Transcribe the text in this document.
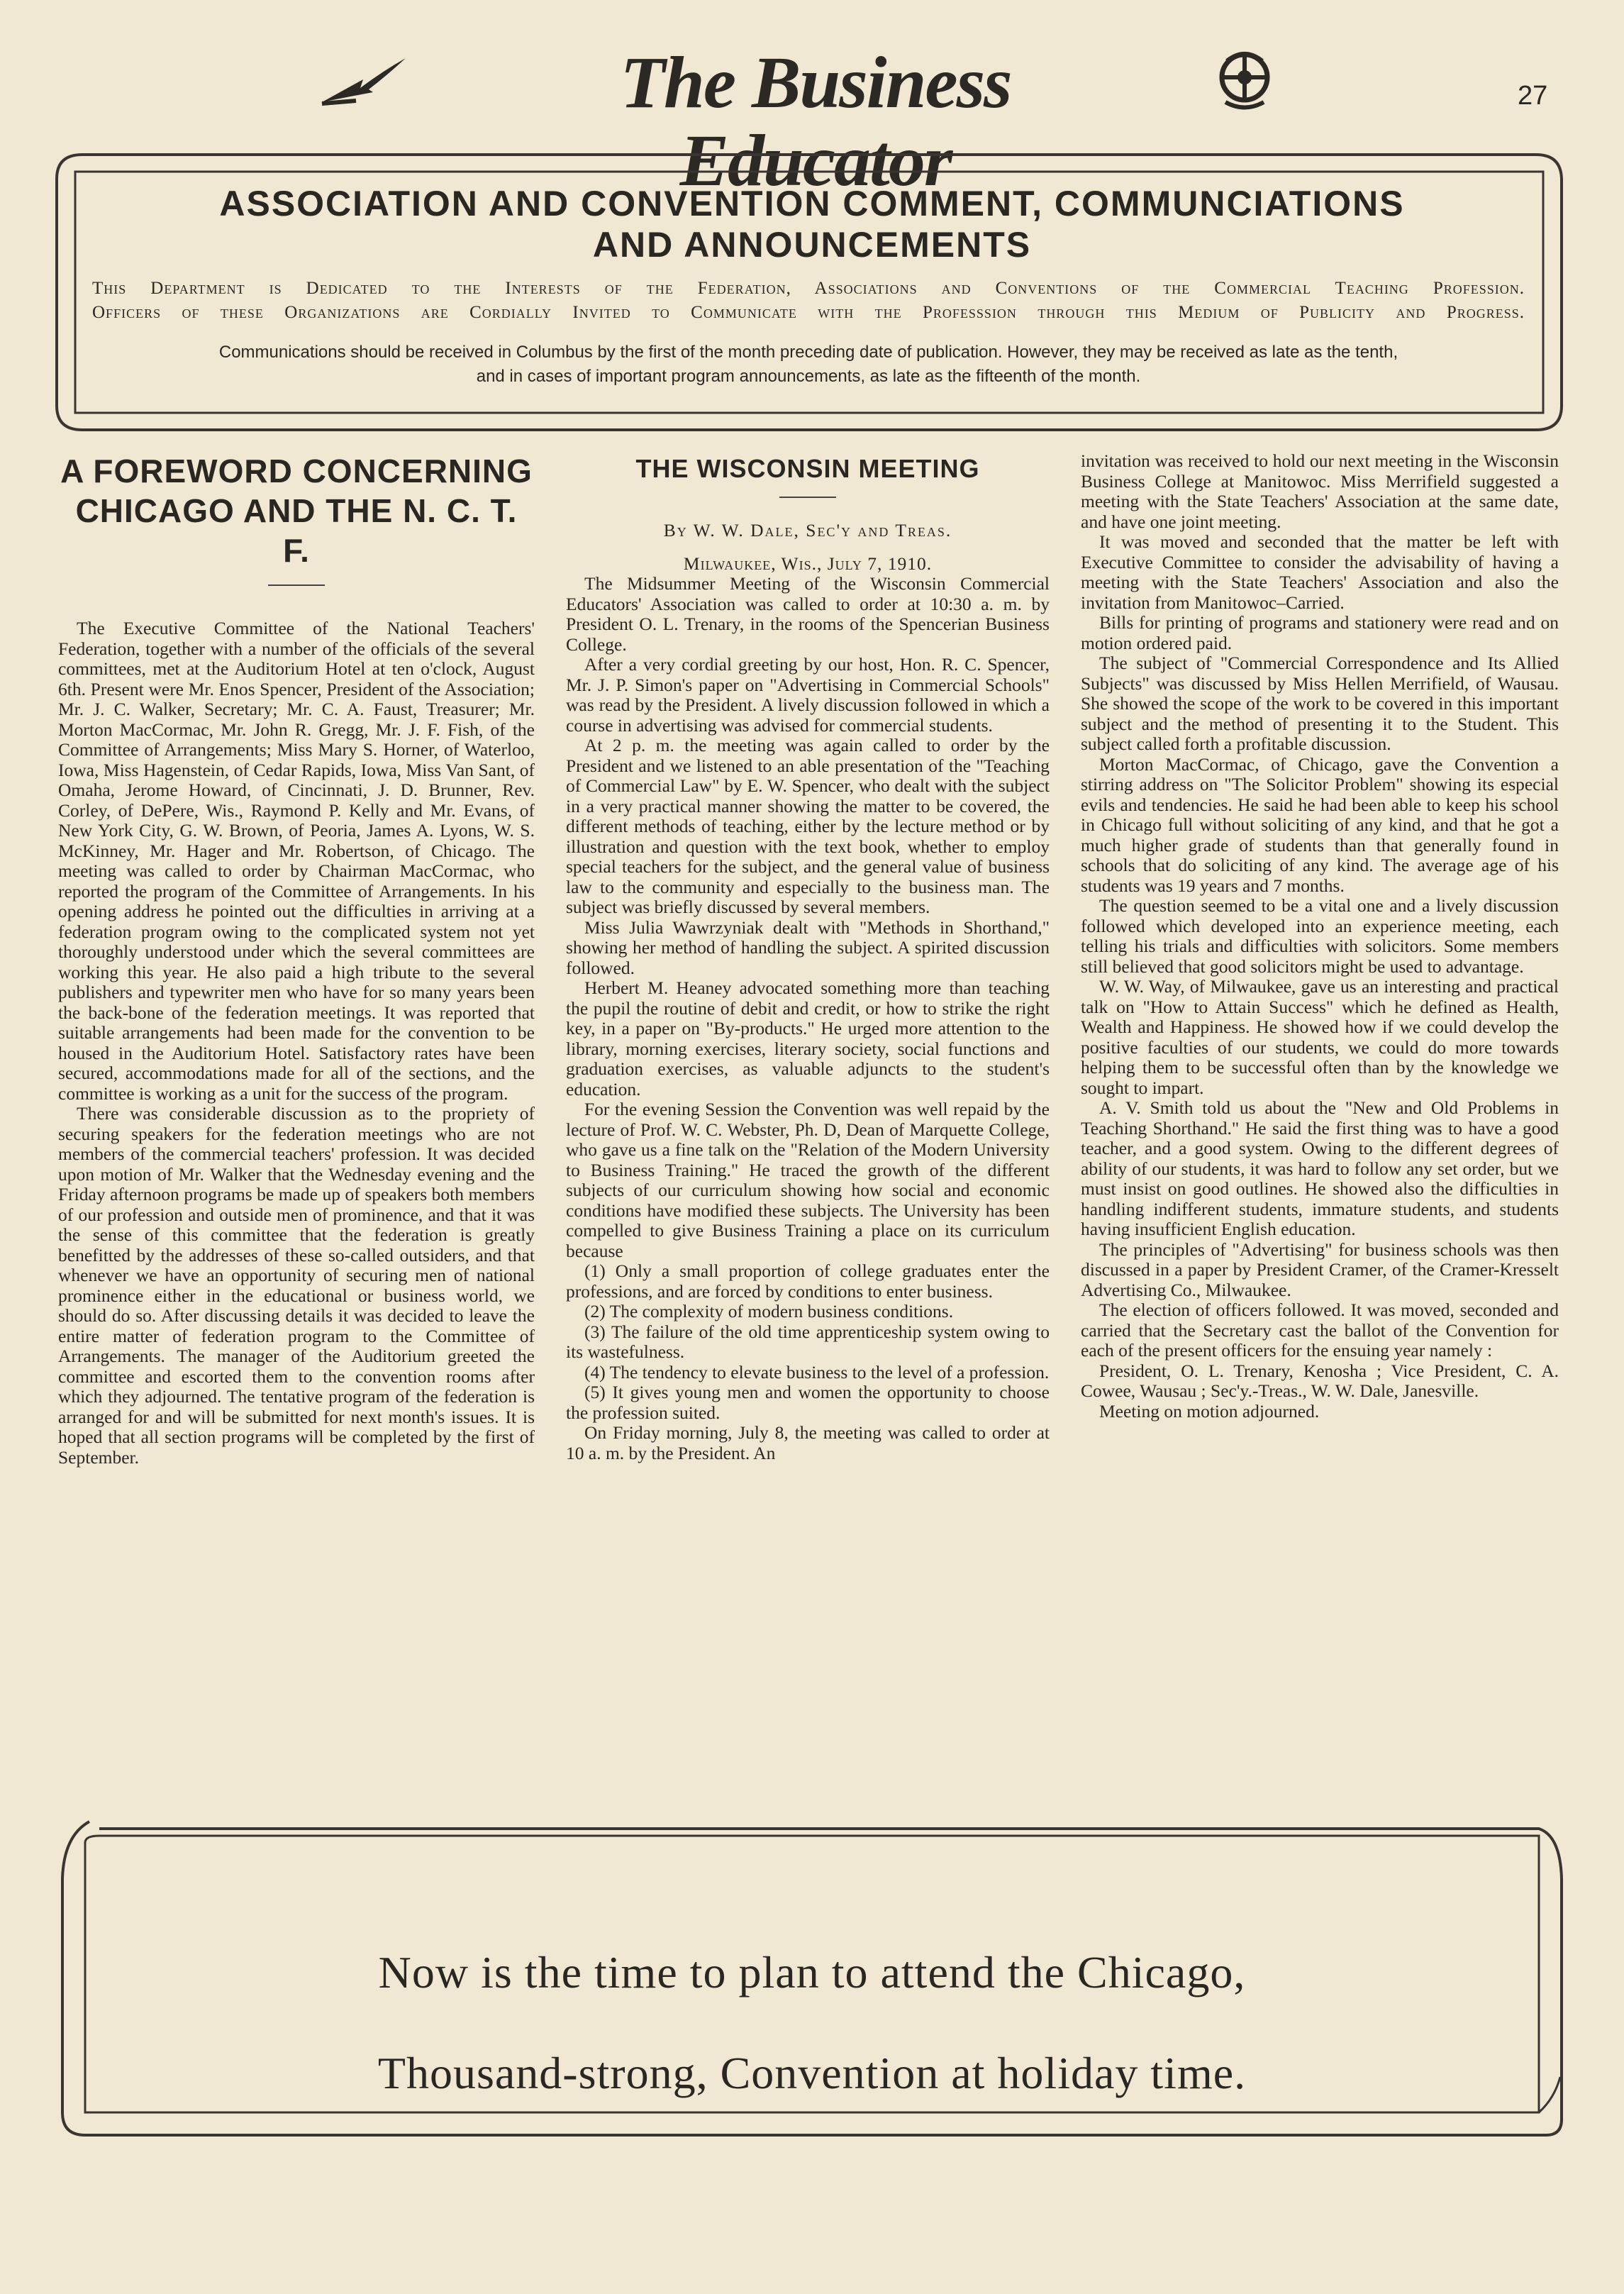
The Business Educator
27
ASSOCIATION AND CONVENTION COMMENT, COMMUNCIATIONS
AND ANNOUNCEMENTS
This Department is Dedicated to the Interests of the Federation, Associations and Conventions of the Commercial Teaching Profession.
Officers of these Organizations are Cordially Invited to Communicate with the Professsion through this Medium of Publicity and Progress.
Communications should be received in Columbus by the first of the month preceding date of publication. However, they may be received as late as the tenth,
and in cases of important program announcements, as late as the fifteenth of the month.
A FOREWORD CONCERNING CHICAGO AND THE N. C. T. F.

The Executive Committee of the National Teachers' Federation, together with a number of the officials of the several committees, met at the Auditorium Hotel at ten o'clock, August 6th. Present were Mr. Enos Spencer, President of the Association; Mr. J. C. Walker, Secretary; Mr. C. A. Faust, Treasurer; Mr. Morton MacCormac, Mr. John R. Gregg, Mr. J. F. Fish, of the Committee of Arrangements; Miss Mary S. Horner, of Waterloo, Iowa, Miss Hagenstein, of Cedar Rapids, Iowa, Miss Van Sant, of Omaha, Jerome Howard, of Cincinnati, J. D. Brunner, Rev. Corley, of DePere, Wis., Raymond P. Kelly and Mr. Evans, of New York City, G. W. Brown, of Peoria, James A. Lyons, W. S. McKinney, Mr. Hager and Mr. Robertson, of Chicago. The meeting was called to order by Chairman MacCormac, who reported the program of the Committee of Arrangements. In his opening address he pointed out the difficulties in arriving at a federation program owing to the complicated system not yet thoroughly understood under which the several committees are working this year. He also paid a high tribute to the several publishers and typewriter men who have for so many years been the back-bone of the federation meetings. It was reported that suitable arrangements had been made for the convention to be housed in the Auditorium Hotel. Satisfactory rates have been secured, accommodations made for all of the sections, and the committee is working as a unit for the success of the program.

There was considerable discussion as to the propriety of securing speakers for the federation meetings who are not members of the commercial teachers' profession. It was decided upon motion of Mr. Walker that the Wednesday evening and the Friday afternoon programs be made up of speakers both members of our profession and outside men of prominence, and that it was the sense of this committee that the federation is greatly benefitted by the addresses of these so-called outsiders, and that whenever we have an opportunity of securing men of national prominence either in the educational or business world, we should do so. After discussing details it was decided to leave the entire matter of federation program to the Committee of Arrangements. The manager of the Auditorium greeted the committee and escorted them to the convention rooms after which they adjourned. The tentative program of the federation is arranged for and will be submitted for next month's issues. It is hoped that all section programs will be completed by the first of September.

THE WISCONSIN MEETING

By W. W. Dale, Sec'y and Treas.

Milwaukee, Wis., July 7, 1910.

The Midsummer Meeting of the Wisconsin Commercial Educators' Association was called to order at 10:30 a. m. by President O. L. Trenary, in the rooms of the Spencerian Business College.

After a very cordial greeting by our host, Hon. R. C. Spencer, Mr. J. P. Simon's paper on "Advertising in Commercial Schools" was read by the President. A lively discussion followed in which a course in advertising was advised for commercial students.

At 2 p. m. the meeting was again called to order by the President and we listened to an able presentation of the "Teaching of Commercial Law" by E. W. Spencer, who dealt with the subject in a very practical manner showing the matter to be covered, the different methods of teaching, either by the lecture method or by illustration and question with the text book, whether to employ special teachers for the subject, and the general value of business law to the community and especially to the business man. The subject was briefly discussed by several members.

Miss Julia Wawrzyniak dealt with "Methods in Shorthand," showing her method of handling the subject. A spirited discussion followed.

Herbert M. Heaney advocated something more than teaching the pupil the routine of debit and credit, or how to strike the right key, in a paper on "By-products." He urged more attention to the library, morning exercises, literary society, social functions and graduation exercises, as valuable adjuncts to the student's education.

For the evening Session the Convention was well repaid by the lecture of Prof. W. C. Webster, Ph. D, Dean of Marquette College, who gave us a fine talk on the "Relation of the Modern University to Business Training." He traced the growth of the different subjects of our curriculum showing how social and economic conditions have modified these subjects. The University has been compelled to give Business Training a place on its curriculum because

(1) Only a small proportion of college graduates enter the professions, and are forced by conditions to enter business.

(2) The complexity of modern business conditions.

(3) The failure of the old time apprenticeship system owing to its wastefulness.

(4) The tendency to elevate business to the level of a profession.

(5) It gives young men and women the opportunity to choose the profession suited.

On Friday morning, July 8, the meeting was called to order at 10 a. m. by the President. An

invitation was received to hold our next meeting in the Wisconsin Business College at Manitowoc. Miss Merrifield suggested a meeting with the State Teachers' Association at the same date, and have one joint meeting.

It was moved and seconded that the matter be left with Executive Committee to consider the advisability of having a meeting with the State Teachers' Association and also the invitation from Manitowoc–Carried.

Bills for printing of programs and stationery were read and on motion ordered paid.

The subject of "Commercial Correspondence and Its Allied Subjects" was discussed by Miss Hellen Merrifield, of Wausau. She showed the scope of the work to be covered in this important subject and the method of presenting it to the Student. This subject called forth a profitable discussion.

Morton MacCormac, of Chicago, gave the Convention a stirring address on "The Solicitor Problem" showing its especial evils and tendencies. He said he had been able to keep his school in Chicago full without soliciting of any kind, and that he got a much higher grade of students than that generally found in schools that do soliciting of any kind. The average age of his students was 19 years and 7 months.

The question seemed to be a vital one and a lively discussion followed which developed into an experience meeting, each telling his trials and difficulties with solicitors. Some members still believed that good solicitors might be used to advantage.

W. W. Way, of Milwaukee, gave us an interesting and practical talk on "How to Attain Success" which he defined as Health, Wealth and Happiness. He showed how if we could develop the positive faculties of our students, we could do more towards helping them to be successful often than by the knowledge we sought to impart.

A. V. Smith told us about the "New and Old Problems in Teaching Shorthand." He said the first thing was to have a good teacher, and a good system. Owing to the different degrees of ability of our students, it was hard to follow any set order, but we must insist on good outlines. He showed also the difficulties in handling indifferent students, immature students, and students having insufficient English education.

The principles of "Advertising" for business schools was then discussed in a paper by President Cramer, of the Cramer-Kresselt Advertising Co., Milwaukee.

The election of officers followed. It was moved, seconded and carried that the Secretary cast the ballot of the Convention for each of the present officers for the ensuing year namely :

President, O. L. Trenary, Kenosha ; Vice President, C. A. Cowee, Wausau ; Sec'y.-Treas., W. W. Dale, Janesville.

Meeting on motion adjourned.

Now is the time to plan to attend the Chicago,
Thousand-strong, Convention at holiday time.
